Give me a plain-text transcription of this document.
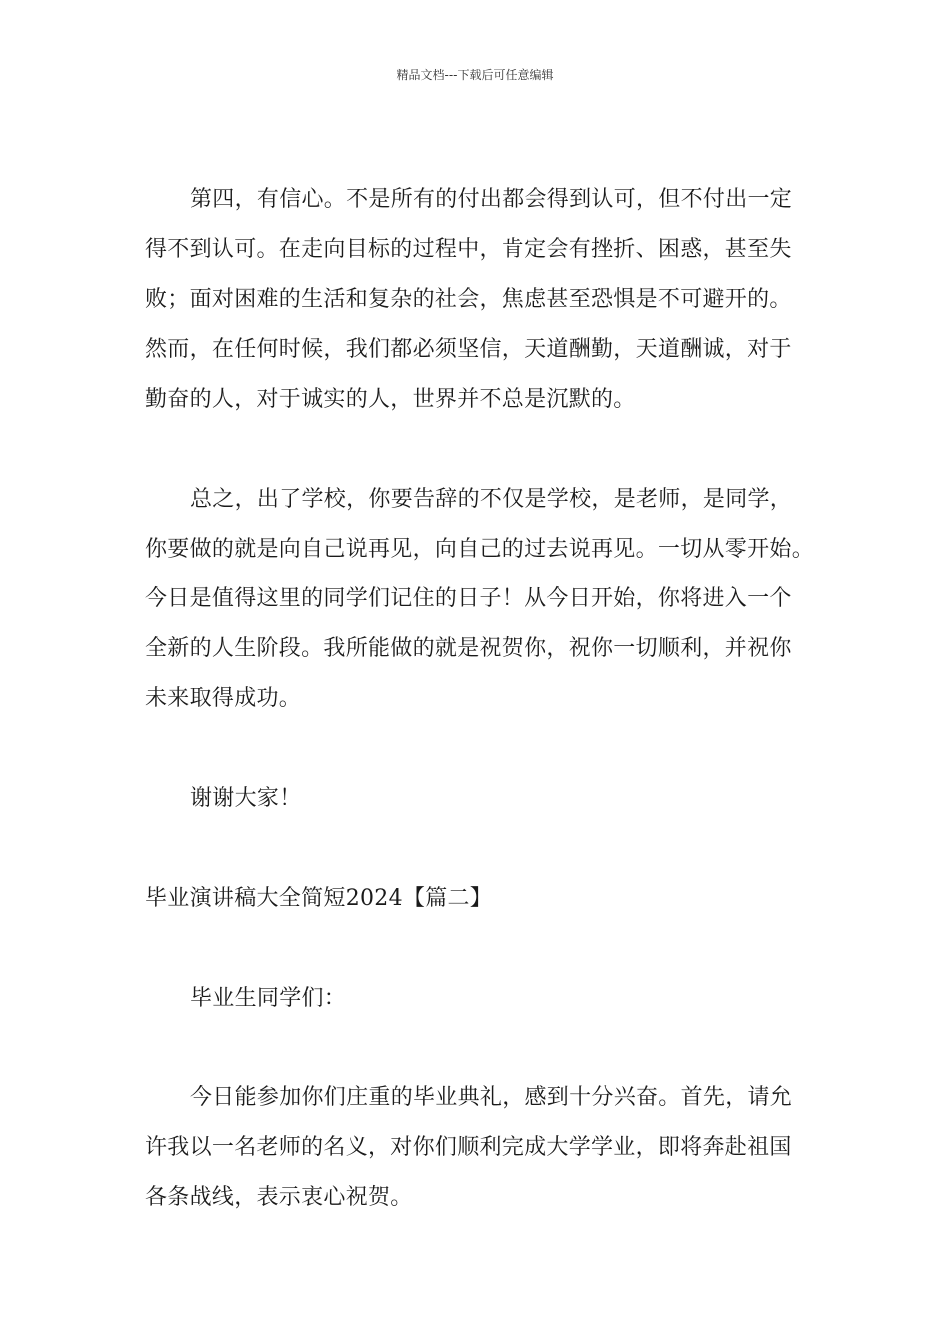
精品文档---下载后可任意编辑
第四，有信心。不是所有的付出都会得到认可，但不付出一定
得不到认可。在走向目标的过程中，肯定会有挫折、困惑，甚至失
败；面对困难的生活和复杂的社会，焦虑甚至恐惧是不可避开的。
然而，在任何时候，我们都必须坚信，天道酬勤，天道酬诚，对于
勤奋的人，对于诚实的人，世界并不总是沉默的。
总之，出了学校，你要告辞的不仅是学校，是老师，是同学，
你要做的就是向自己说再见，向自己的过去说再见。一切从零开始。
今日是值得这里的同学们记住的日子！从今日开始，你将进入一个
全新的人生阶段。我所能做的就是祝贺你，祝你一切顺利，并祝你
未来取得成功。
谢谢大家！
毕业演讲稿大全简短2024【篇二】
毕业生同学们：
今日能参加你们庄重的毕业典礼，感到十分兴奋。首先，请允
许我以一名老师的名义，对你们顺利完成大学学业，即将奔赴祖国
各条战线，表示衷心祝贺。
